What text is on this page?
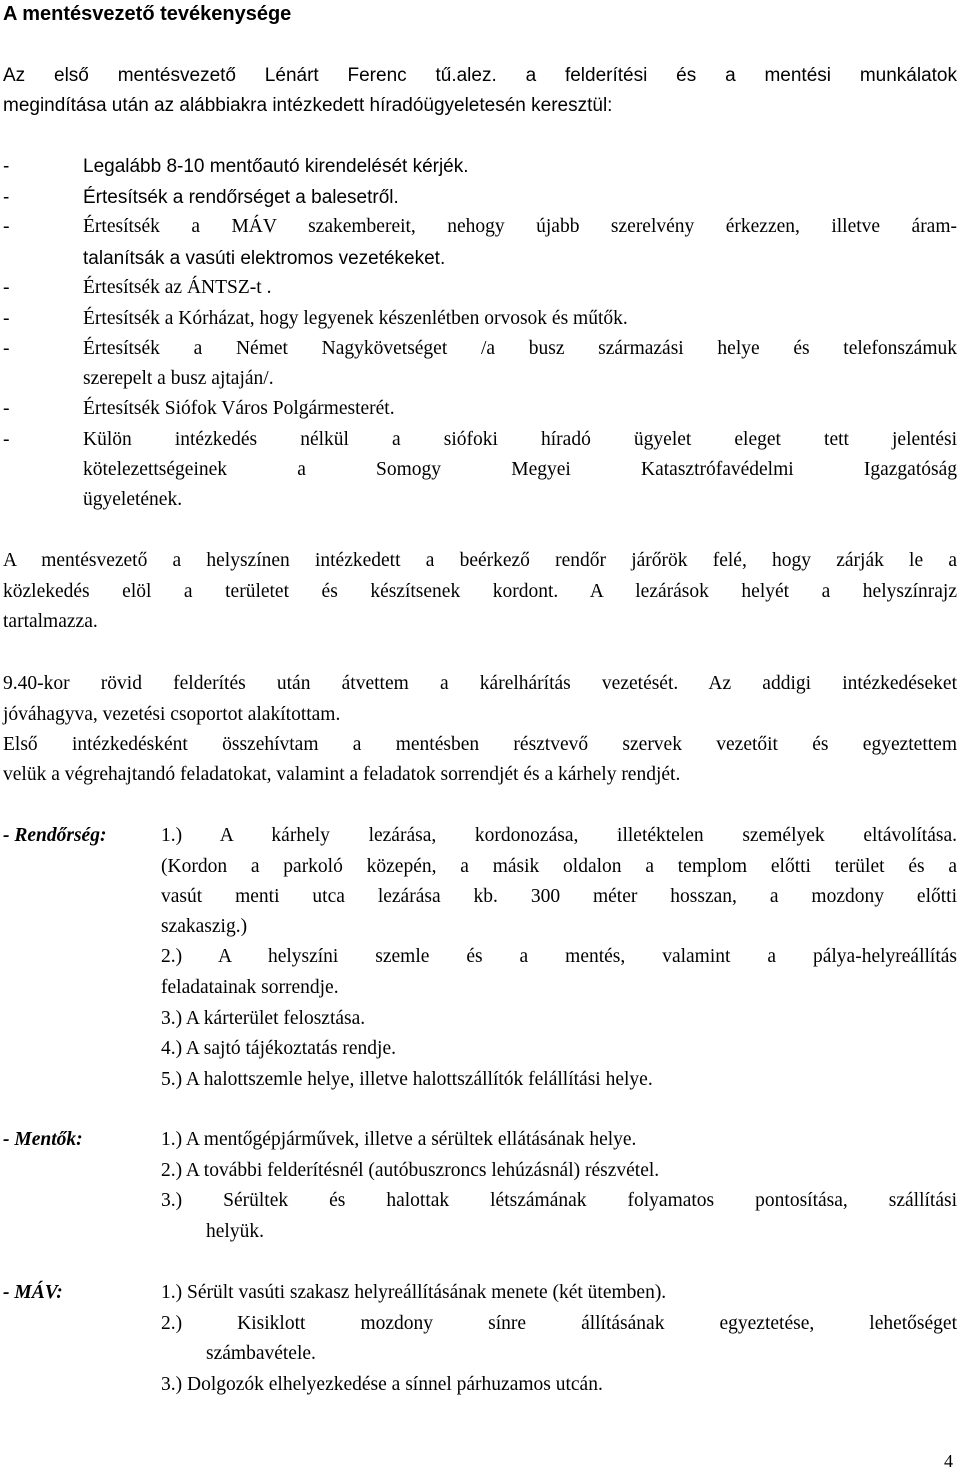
A mentésvezető tevékenysége
Az első mentésvezető Lénárt Ferenc tű.alez. a felderítési és a mentési munkálatok
megindítása után az alábbiakra intézkedett híradóügyeletesén keresztül:
-	Legalább 8-10 mentőautó kirendelését kérjék.
-	Értesítsék a rendőrséget a balesetről.
-	Értesítsék a MÁV szakembereit, nehogy újabb szerelvény érkezzen, illetve áram-
talanítsák a vasúti elektromos vezetékeket.
-	Értesítsék az ÁNTSZ-t .
-	Értesítsék a Kórházat, hogy legyenek készenlétben orvosok és műtők.
-	Értesítsék a Német Nagykövetséget /a busz származási helye és telefonszámuk
szerepelt a busz ajtaján/.
-	Értesítsék Siófok Város Polgármesterét.
-	Külön intézkedés nélkül a siófoki híradó ügyelet eleget tett jelentési
kötelezettségeinek a Somogy Megyei Katasztrófavédelmi Igazgatóság
ügyeletének.
A mentésvezető a helyszínen intézkedett a beérkező rendőr járőrök felé, hogy zárják le a
közlekedés elöl a területet és készítsenek kordont. A lezárások helyét a helyszínrajz
tartalmazza.
9.40-kor rövid felderítés után átvettem a kárelhárítás vezetését. Az addigi intézkedéseket
jóváhagyva, vezetési csoportot alakítottam.
Első intézkedésként összehívtam a mentésben résztvevő szervek vezetőit és egyeztettem
velük a végrehajtandó feladatokat, valamint a feladatok sorrendjét és a kárhely rendjét.
- Rendőrség:	1.) A kárhely lezárása, kordonozása, illetéktelen személyek eltávolítása.
(Kordon a parkoló közepén, a másik oldalon a templom előtti terület és a
vasút menti utca lezárása kb. 300 méter hosszan, a mozdony előtti
szakaszig.)
2.) A helyszíni szemle és a mentés, valamint a pálya-helyreállítás
feladatainak sorrendje.
3.) A kárterület felosztása.
4.) A sajtó tájékoztatás rendje.
5.) A halottszemle helye, illetve halottszállítók felállítási helye.
- Mentők:	1.) A mentőgépjárművek, illetve a sérültek ellátásának helye.
2.) A további felderítésnél (autóbuszroncs lehúzásnál) részvétel.
3.) Sérültek és halottak létszámának folyamatos pontosítása, szállítási
helyük.
- MÁV:	1.) Sérült vasúti szakasz helyreállításának menete (két ütemben).
2.) Kisiklott mozdony sínre állításának egyeztetése, lehetőséget
számbavétele.
3.) Dolgozók elhelyezkedése a sínnel párhuzamos utcán.
4
